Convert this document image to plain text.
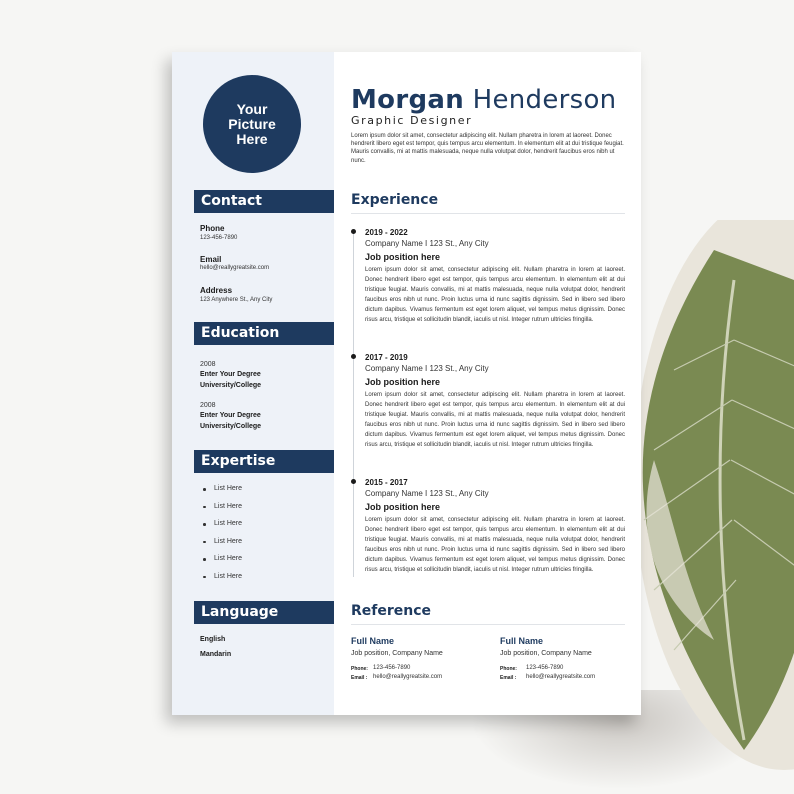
Your
Picture
Here
Contact
Phone
123-456-7890
Email
hello@reallygreatsite.com
Address
123 Anywhere St., Any City
Education
2008
Enter Your Degree
University/College
2008
Enter Your Degree
University/College
Expertise
List Here
List Here
List Here
List Here
List Here
List Here
Language
English
Mandarin
Morgan Henderson
Graphic Designer
Lorem ipsum dolor sit amet, consectetur adipiscing elit. Nullam pharetra in lorem at laoreet. Donec hendrerit libero eget est tempor, quis tempus arcu elementum. In elementum elit at dui tristique feugiat. Mauris convallis, mi at mattis malesuada, neque nulla volutpat dolor, hendrerit faucibus eros nibh ut nunc.
Experience
2019 - 2022
Company Name I 123 St., Any City
Job position here
Lorem ipsum dolor sit amet, consectetur adipiscing elit. Nullam pharetra in lorem at laoreet. Donec hendrerit libero eget est tempor, quis tempus arcu elementum. In elementum elit at dui tristique feugiat. Mauris convallis, mi at mattis malesuada, neque nulla volutpat dolor, hendrerit faucibus eros nibh ut nunc. Proin luctus urna id nunc sagittis dignissim. Sed in libero sed libero dictum dapibus. Vivamus fermentum est eget lorem aliquet, vel tempus metus dignissim. Donec risus arcu, tristique et sollicitudin blandit, iaculis ut nisl. Integer rutrum ultricies fringilla.
2017 - 2019
Company Name I 123 St., Any City
Job position here
Lorem ipsum dolor sit amet, consectetur adipiscing elit. Nullam pharetra in lorem at laoreet. Donec hendrerit libero eget est tempor, quis tempus arcu elementum. In elementum elit at dui tristique feugiat. Mauris convallis, mi at mattis malesuada, neque nulla volutpat dolor, hendrerit faucibus eros nibh ut nunc. Proin luctus urna id nunc sagittis dignissim. Sed in libero sed libero dictum dapibus. Vivamus fermentum est eget lorem aliquet, vel tempus metus dignissim. Donec risus arcu, tristique et sollicitudin blandit, iaculis ut nisl. Integer rutrum ultricies fringilla.
2015 - 2017
Company Name I 123 St., Any City
Job position here
Lorem ipsum dolor sit amet, consectetur adipiscing elit. Nullam pharetra in lorem at laoreet. Donec hendrerit libero eget est tempor, quis tempus arcu elementum. In elementum elit at dui tristique feugiat. Mauris convallis, mi at mattis malesuada, neque nulla volutpat dolor, hendrerit faucibus eros nibh ut nunc. Proin luctus urna id nunc sagittis dignissim. Sed in libero sed libero dictum dapibus. Vivamus fermentum est eget lorem aliquet, vel tempus metus dignissim. Donec risus arcu, tristique et sollicitudin blandit, iaculis ut nisl. Integer rutrum ultricies fringilla.
Reference
Full Name
Job position, Company Name
Phone: 123-456-7890
Email : hello@reallygreatsite.com
Full Name
Job position, Company Name
Phone: 123-456-7890
Email : hello@reallygreatsite.com
